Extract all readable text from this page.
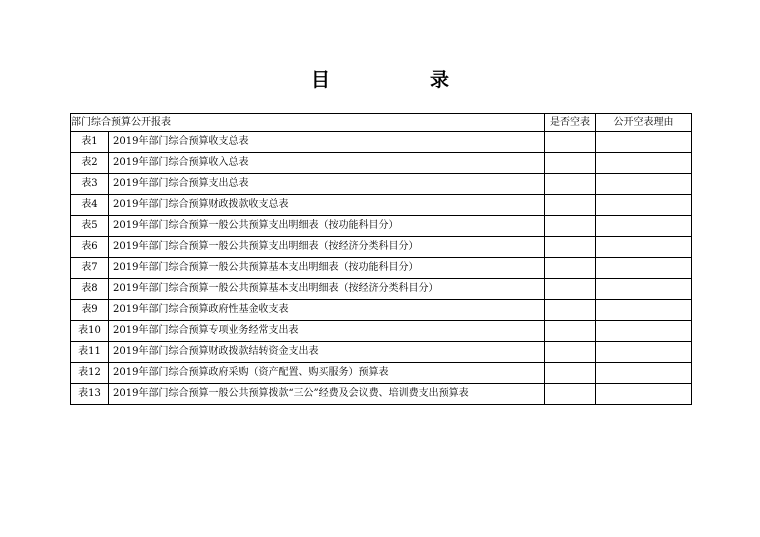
目	录
部门综合预算公开报表		是否空表	公开空表理由
表1	2019年部门综合预算收支总表		
表2	2019年部门综合预算收入总表		
表3	2019年部门综合预算支出总表		
表4	2019年部门综合预算财政拨款收支总表		
表5	2019年部门综合预算一般公共预算支出明细表（按功能科目分）		
表6	2019年部门综合预算一般公共预算支出明细表（按经济分类科目分）		
表7	2019年部门综合预算一般公共预算基本支出明细表（按功能科目分）		
表8	2019年部门综合预算一般公共预算基本支出明细表（按经济分类科目分）		
表9	2019年部门综合预算政府性基金收支表		
表10	2019年部门综合预算专项业务经常支出表		
表11	2019年部门综合预算财政拨款结转资金支出表		
表12	2019年部门综合预算政府采购（资产配置、购买服务）预算表		
表13	2019年部门综合预算一般公共预算拨款“三公”经费及会议费、培训费支出预算表		
